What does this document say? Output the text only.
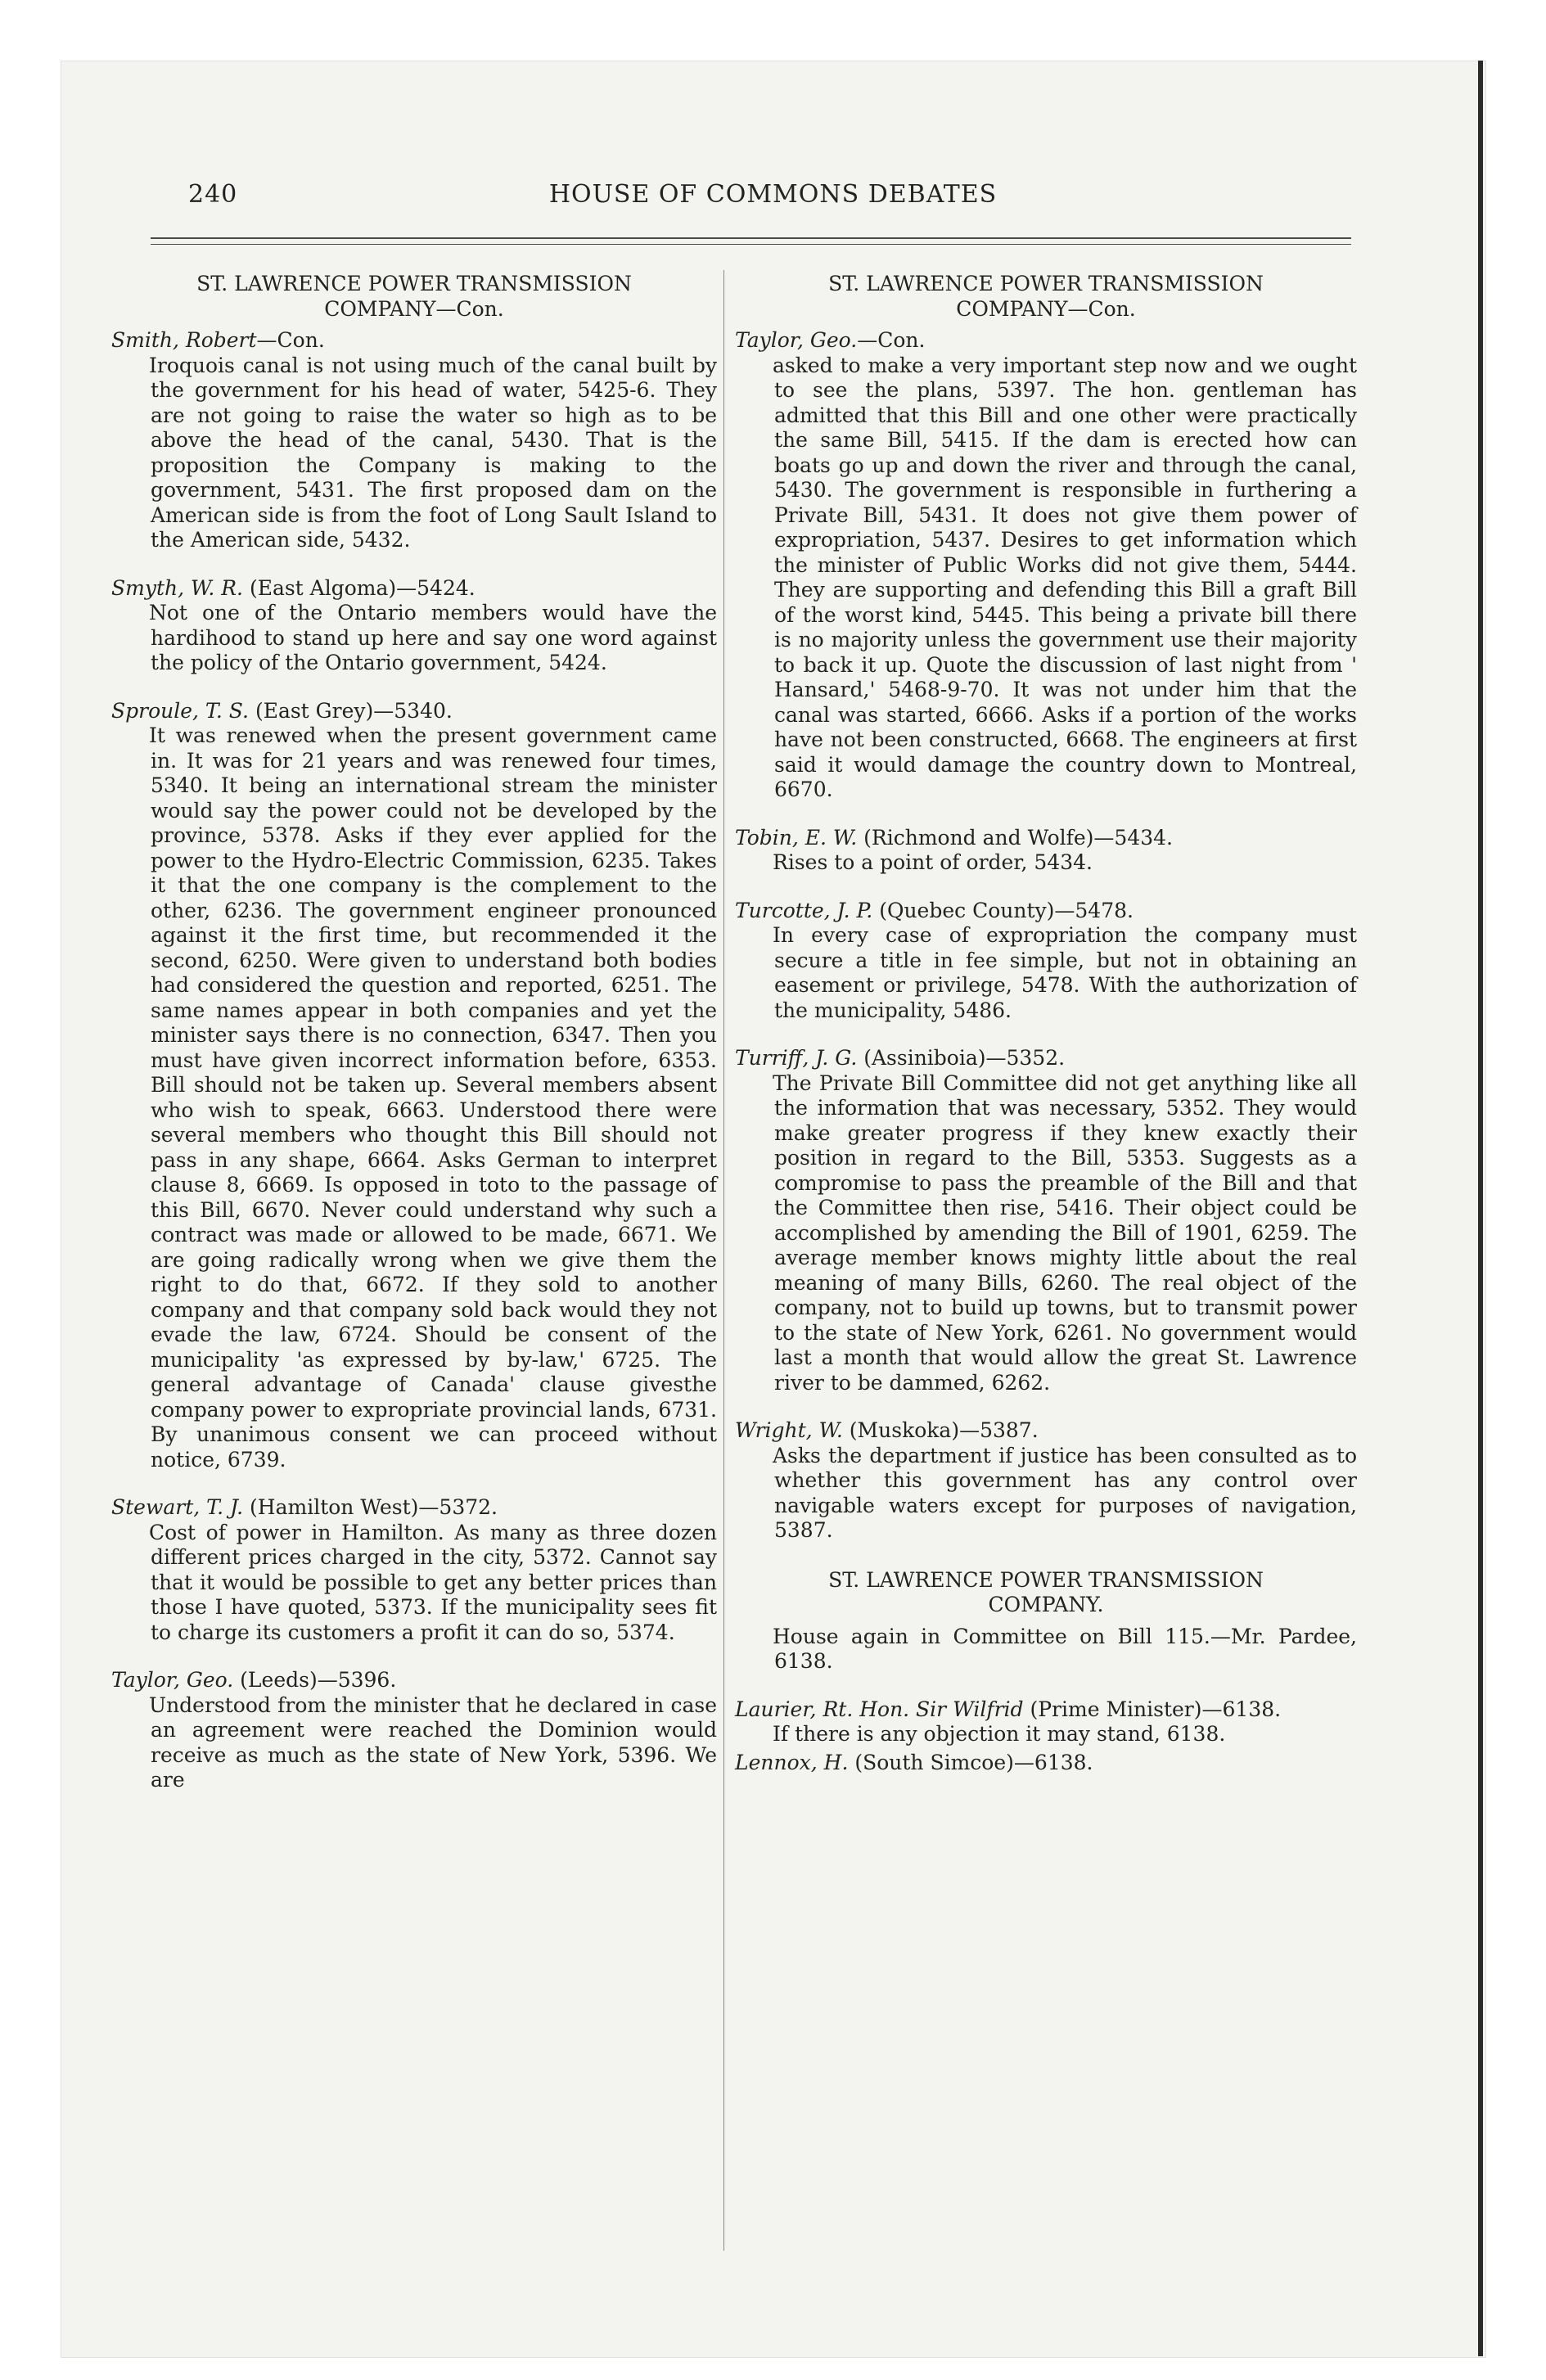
240	HOUSE OF COMMONS DEBATES
ST. LAWRENCE POWER TRANSMISSION
COMPANY—Con.
Smith, Robert—Con.
Iroquois canal is not using much of the canal built by the government for his head of water, 5425-6. They are not going to raise the water so high as to be above the head of the canal, 5430. That is the proposition the Company is making to the government, 5431. The first proposed dam on the American side is from the foot of Long Sault Island to the American side, 5432.
Smyth, W. R. (East Algoma)—5424.
Not one of the Ontario members would have the hardihood to stand up here and say one word against the policy of the Ontario government, 5424.
Sproule, T. S. (East Grey)—5340.
It was renewed when the present government came in. It was for 21 years and was renewed four times, 5340. It being an international stream the minister would say the power could not be developed by the province, 5378. Asks if they ever applied for the power to the Hydro-Electric Commission, 6235. Takes it that the one company is the complement to the other, 6236. The government engineer pronounced against it the first time, but recommended it the second, 6250. Were given to understand both bodies had considered the question and reported, 6251. The same names appear in both companies and yet the minister says there is no connection, 6347. Then you must have given incorrect information before, 6353. Bill should not be taken up. Several members absent who wish to speak, 6663. Understood there were several members who thought this Bill should not pass in any shape, 6664. Asks German to interpret clause 8, 6669. Is opposed in toto to the passage of this Bill, 6670. Never could understand why such a contract was made or allowed to be made, 6671. We are going radically wrong when we give them the right to do that, 6672. If they sold to another company and that company sold back would they not evade the law, 6724. Should be consent of the municipality 'as expressed by by-law,' 6725. The general advantage of Canada' clause givesthe company power to expropriate provincial lands, 6731. By unanimous consent we can proceed without notice, 6739.
Stewart, T. J. (Hamilton West)—5372.
Cost of power in Hamilton. As many as three dozen different prices charged in the city, 5372. Cannot say that it would be possible to get any better prices than those I have quoted, 5373. If the municipality sees fit to charge its customers a profit it can do so, 5374.
Taylor, Geo. (Leeds)—5396.
Understood from the minister that he declared in case an agreement were reached the Dominion would receive as much as the state of New York, 5396. We are
ST. LAWRENCE POWER TRANSMISSION
COMPANY—Con.
Taylor, Geo.—Con.
asked to make a very important step now and we ought to see the plans, 5397. The hon. gentleman has admitted that this Bill and one other were practically the same Bill, 5415. If the dam is erected how can boats go up and down the river and through the canal, 5430. The government is responsible in furthering a Private Bill, 5431. It does not give them power of expropriation, 5437. Desires to get information which the minister of Public Works did not give them, 5444. They are supporting and defending this Bill a graft Bill of the worst kind, 5445. This being a private bill there is no majority unless the government use their majority to back it up. Quote the discussion of last night from ' Hansard,' 5468-9-70. It was not under him that the canal was started, 6666. Asks if a portion of the works have not been constructed, 6668. The engineers at first said it would damage the country down to Montreal, 6670.
Tobin, E. W. (Richmond and Wolfe)—5434.
Rises to a point of order, 5434.
Turcotte, J. P. (Quebec County)—5478.
In every case of expropriation the company must secure a title in fee simple, but not in obtaining an easement or privilege, 5478. With the authorization of the municipality, 5486.
Turriff, J. G. (Assiniboia)—5352.
The Private Bill Committee did not get anything like all the information that was necessary, 5352. They would make greater progress if they knew exactly their position in regard to the Bill, 5353. Suggests as a compromise to pass the preamble of the Bill and that the Committee then rise, 5416. Their object could be accomplished by amending the Bill of 1901, 6259. The average member knows mighty little about the real meaning of many Bills, 6260. The real object of the company, not to build up towns, but to transmit power to the state of New York, 6261. No government would last a month that would allow the great St. Lawrence river to be dammed, 6262.
Wright, W. (Muskoka)—5387.
Asks the department if justice has been consulted as to whether this government has any control over navigable waters except for purposes of navigation, 5387.
ST. LAWRENCE POWER TRANSMISSION
COMPANY.
House again in Committee on Bill 115.—Mr. Pardee, 6138.
Laurier, Rt. Hon. Sir Wilfrid (Prime Minister)—6138.
If there is any objection it may stand, 6138.
Lennox, H. (South Simcoe)—6138.
